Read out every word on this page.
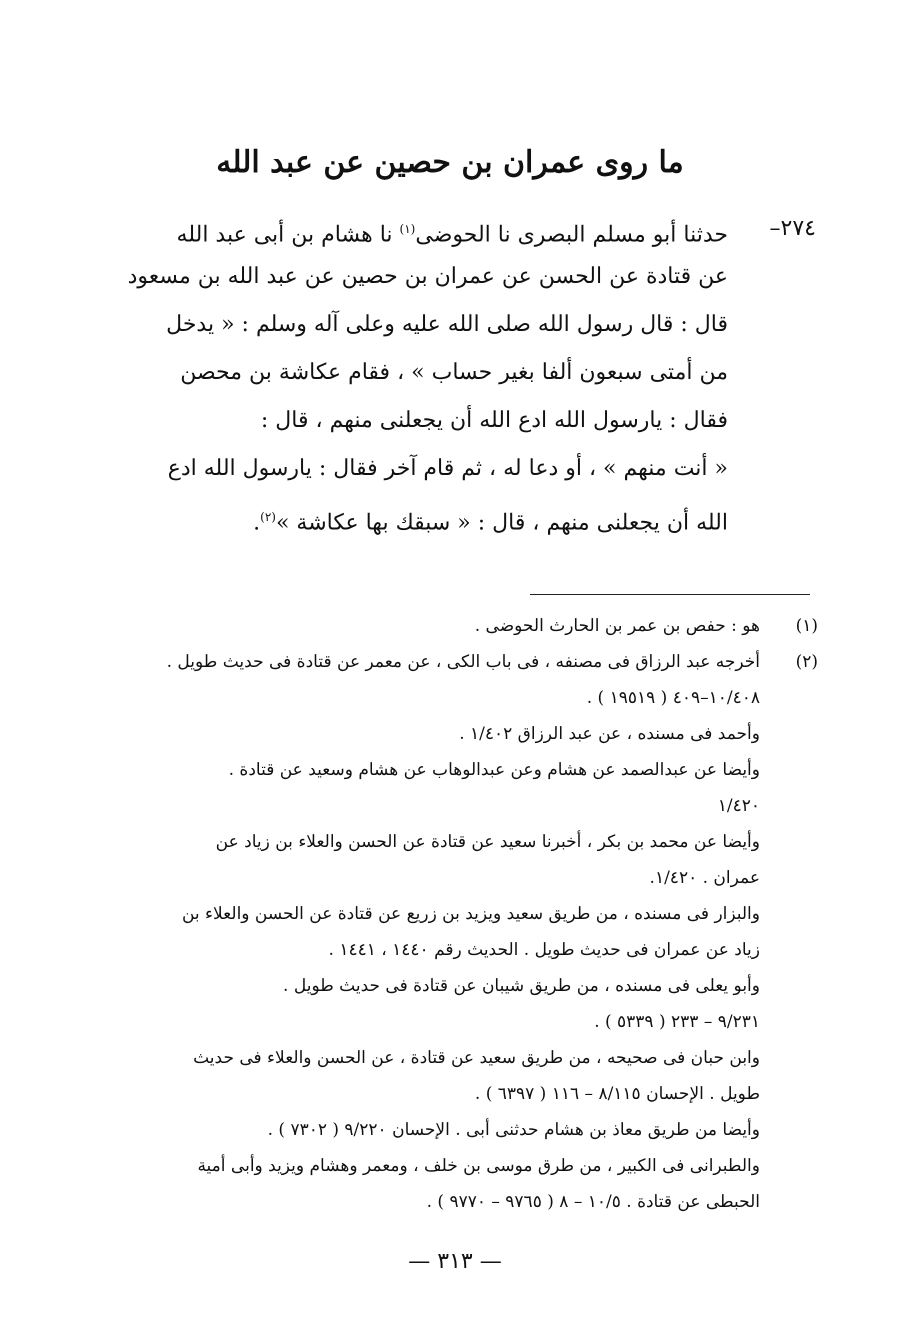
ما روى عمران بن حصين عن عبد الله
٢٧٤–
حدثنا أبو مسلم البصرى نا الحوضى$^{(١)}$ نا هشام بن أبى عبد الله
عن قتادة عن الحسن عن عمران بن حصين عن عبد الله بن مسعود
قال : قال رسول الله صلى الله عليه وعلى آله وسلم : « يدخل
من أمتى سبعون ألفا بغير حساب » ، فقام عكاشة بن محصن
فقال : يارسول الله ادع الله أن يجعلنى منهم ، قال :
« أنت منهم » ، أو دعا له ، ثم قام آخر فقال : يارسول الله ادع
الله أن يجعلنى منهم ، قال : « سبقك بها عكاشة »$^{(٢)}$.
(١)
(٢)
هو : حفص بن عمر بن الحارث الحوضى .
أخرجه عبد الرزاق فى مصنفه ، فى باب الكى ، عن معمر عن قتادة فى حديث طويل .
١٠/٤٠٨–٤٠٩ ( ١٩٥١٩ ) .
وأحمد فى مسنده ، عن عبد الرزاق ١/٤٠٢ .
وأيضا عن عبدالصمد عن هشام وعن عبدالوهاب عن هشام وسعيد عن قتادة .
١/٤٢٠
وأيضا عن محمد بن بكر ، أخبرنا سعيد عن قتادة عن الحسن والعلاء بن زياد عن
عمران . ١/٤٢٠.
والبزار فى مسنده ، من طريق سعيد ويزيد بن زريع عن قتادة عن الحسن والعلاء بن
زياد عن عمران فى حديث طويل . الحديث رقم ١٤٤٠ ، ١٤٤١ .
وأبو يعلى فى مسنده ، من طريق شيبان عن قتادة فى حديث طويل .
٩/٢٣١ – ٢٣٣ ( ٥٣٣٩ ) .
وابن حبان فى صحيحه ، من طريق سعيد عن قتادة ، عن الحسن والعلاء فى حديث
طويل . الإحسان ٨/١١٥ – ١١٦ ( ٦٣٩٧ ) .
وأيضا من طريق معاذ بن هشام حدثنى أبى . الإحسان ٩/٢٢٠ ( ٧٣٠٢ ) .
والطبرانى فى الكبير ، من طرق موسى بن خلف ، ومعمر وهشام ويزيد وأبى أمية
الحبطى عن قتادة . ١٠/٥ – ٨ ( ٩٧٦٥ – ٩٧٧٠ ) .
— ٣١٣ —
